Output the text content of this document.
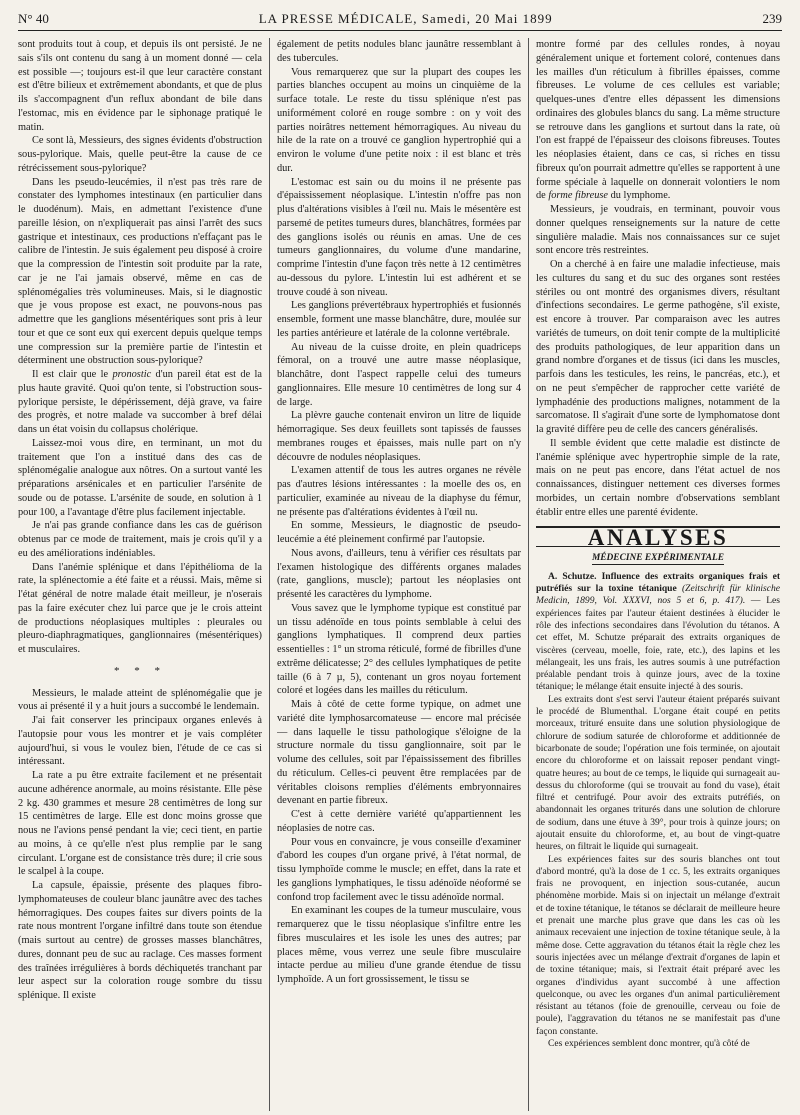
N° 40	LA PRESSE MÉDICALE, Samedi, 20 Mai 1899	239

sont produits tout à coup, et depuis ils ont persisté. Je ne sais s'ils ont contenu du sang à un moment donné — cela est possible —; toujours est-il que leur caractère constant est d'être bilieux et extrêmement abondants, et que de plus ils s'accompagnent d'un reflux abondant de bile dans l'estomac, mis en évidence par le siphonage pratiqué le matin.

Ce sont là, Messieurs, des signes évidents d'obstruction sous-pylorique. Mais, quelle peut-être la cause de ce rétrécissement sous-pylorique?

Dans les pseudo-leucémies, il n'est pas très rare de constater des lymphomes intestinaux (en particulier dans le duodénum). Mais, en admettant l'existence d'une pareille lésion, on n'expliquerait pas ainsi l'arrêt des sucs gastrique et intestinaux, ces productions n'effaçant pas le calibre de l'intestin. Je suis également peu disposé à croire que la compression de l'intestin soit produite par la rate, car je ne l'ai jamais observé, même en cas de splénomégalies très volumineuses. Mais, si le diagnostic que je vous propose est exact, ne pouvons-nous pas admettre que les ganglions mésentériques sont pris à leur tour et que ce sont eux qui exercent depuis quelque temps une compression sur la première partie de l'intestin et déterminent une obstruction sous-pylorique?

Il est clair que le pronostic d'un pareil état est de la plus haute gravité. Quoi qu'on tente, si l'obstruction sous-pylorique persiste, le dépérissement, déjà grave, va faire des progrès, et notre malade va succomber à bref délai dans un état voisin du collapsus cholérique.

Laissez-moi vous dire, en terminant, un mot du traitement que l'on a institué dans des cas de splénomégalie analogue aux nôtres. On a surtout vanté les préparations arsénicales et en particulier l'arsénite de soude ou de potasse. L'arsénite de soude, en solution à 1 pour 100, a l'avantage d'être plus facilement injectable.

Je n'ai pas grande confiance dans les cas de guérison obtenus par ce mode de traitement, mais je crois qu'il y a eu des améliorations indéniables.

Dans l'anémie splénique et dans l'épithélioma de la rate, la splénectomie a été faite et a réussi. Mais, même si l'état général de notre malade était meilleur, je n'oserais pas la faire exécuter chez lui parce que je le crois atteint de productions néoplasiques multiples : pleurales ou pleuro-diaphragmatiques, ganglionnaires (mésentériques) et musculaires.

* * *

Messieurs, le malade atteint de splénomégalie que je vous ai présenté il y a huit jours a succombé le lendemain.

J'ai fait conserver les principaux organes enlevés à l'autopsie pour vous les montrer et je vais compléter aujourd'hui, si vous le voulez bien, l'étude de ce cas si intéressant.

La rate a pu être extraite facilement et ne présentait aucune adhérence anormale, au moins résistante. Elle pèse 2 kg. 430 grammes et mesure 28 centimètres de long sur 15 centimètres de large. Elle est donc moins grosse que nous ne l'avions pensé pendant la vie; ceci tient, en partie au moins, à ce qu'elle n'est plus remplie par le sang circulant. L'organe est de consistance très dure; il crie sous le scalpel à la coupe.

La capsule, épaissie, présente des plaques fibro-lymphomateuses de couleur blanc jaunâtre avec des taches hémorragiques. Des coupes faites sur divers points de la rate nous montrent l'organe infiltré dans toute son étendue (mais surtout au centre) de grosses masses blanchâtres, dures, donnant peu de suc au raclage. Ces masses forment des traînées irrégulières à bords déchiquetés tranchant par leur aspect sur la coloration rouge sombre du tissu splénique. Il existe

également de petits nodules blanc jaunâtre ressemblant à des tubercules.

Vous remarquerez que sur la plupart des coupes les parties blanches occupent au moins un cinquième de la surface totale. Le reste du tissu splénique n'est pas uniformément coloré en rouge sombre : on y voit des parties noirâtres nettement hémorragiques. Au niveau du hile de la rate on a trouvé ce ganglion hypertrophié qui a environ le volume d'une petite noix : il est blanc et très dur.

L'estomac est sain ou du moins il ne présente pas d'épaississement néoplasique. L'intestin n'offre pas non plus d'altérations visibles à l'œil nu. Mais le mésentère est parsemé de petites tumeurs dures, blanchâtres, formées par des ganglions isolés ou réunis en amas. Une de ces tumeurs ganglionnaires, du volume d'une mandarine, comprime l'intestin d'une façon très nette à 12 centimètres au-dessous du pylore. L'intestin lui est adhérent et se trouve coudé à son niveau.

Les ganglions prévertébraux hypertrophiés et fusionnés ensemble, forment une masse blanchâtre, dure, moulée sur les parties antérieure et latérale de la colonne vertébrale.

Au niveau de la cuisse droite, en plein quadriceps fémoral, on a trouvé une autre masse néoplasique, blanchâtre, dont l'aspect rappelle celui des tumeurs ganglionnaires. Elle mesure 10 centimètres de long sur 4 de large.

La plèvre gauche contenait environ un litre de liquide hémorragique. Ses deux feuillets sont tapissés de fausses membranes rouges et épaisses, mais nulle part on n'y découvre de nodules néoplasiques.

L'examen attentif de tous les autres organes ne révèle pas d'autres lésions intéressantes : la moelle des os, en particulier, examinée au niveau de la diaphyse du fémur, ne présente pas d'altérations évidentes à l'œil nu.

En somme, Messieurs, le diagnostic de pseudo-leucémie a été pleinement confirmé par l'autopsie.

Nous avons, d'ailleurs, tenu à vérifier ces résultats par l'examen histologique des différents organes malades (rate, ganglions, muscle); partout les néoplasies ont présenté les caractères du lymphome.

Vous savez que le lymphome typique est constitué par un tissu adénoïde en tous points semblable à celui des ganglions lymphatiques. Il comprend deux parties essentielles : 1° un stroma réticulé, formé de fibrilles d'une extrême délicatesse; 2° des cellules lymphatiques de petite taille (6 à 7 µ, 5), contenant un gros noyau fortement coloré et logées dans les mailles du réticulum.

Mais à côté de cette forme typique, on admet une variété dite lymphosarcomateuse — encore mal précisée — dans laquelle le tissu pathologique s'éloigne de la structure normale du tissu ganglionnaire, soit par le volume des cellules, soit par l'épaississement des fibrilles du réticulum. Celles-ci peuvent être remplacées par de véritables cloisons remplies d'éléments embryonnaires devenant en partie fibreux.

C'est à cette dernière variété qu'appartiennent les néoplasies de notre cas.

Pour vous en convaincre, je vous conseille d'examiner d'abord les coupes d'un organe privé, à l'état normal, de tissu lymphoïde comme le muscle; en effet, dans la rate et les ganglions lymphatiques, le tissu adénoïde néoformé se confond trop facilement avec le tissu adénoïde normal.

En examinant les coupes de la tumeur musculaire, vous remarquerez que le tissu néoplasique s'infiltre entre les fibres musculaires et les isole les unes des autres; par places même, vous verrez une seule fibre musculaire intacte perdue au milieu d'une grande étendue de tissu lymphoïde. A un fort grossissement, le tissu se

montre formé par des cellules rondes, à noyau généralement unique et fortement coloré, contenues dans les mailles d'un réticulum à fibrilles épaisses, comme fibreuses. Le volume de ces cellules est variable; quelques-unes d'entre elles dépassent les dimensions ordinaires des globules blancs du sang. La même structure se retrouve dans les ganglions et surtout dans la rate, où l'on est frappé de l'épaisseur des cloisons fibreuses. Toutes les néoplasies étaient, dans ce cas, si riches en tissu fibreux qu'on pourrait admettre qu'elles se rapportent à une forme spéciale à laquelle on donnerait volontiers le nom de forme fibreuse du lymphome.

Messieurs, je voudrais, en terminant, pouvoir vous donner quelques renseignements sur la nature de cette singulière maladie. Mais nos connaissances sur ce sujet sont encore très restreintes.

On a cherché à en faire une maladie infectieuse, mais les cultures du sang et du suc des organes sont restées stériles ou ont montré des organismes divers, résultant d'infections secondaires. Le germe pathogène, s'il existe, est encore à trouver. Par comparaison avec les autres variétés de tumeurs, on doit tenir compte de la multiplicité des produits pathologiques, de leur apparition dans un grand nombre d'organes et de tissus (ici dans les muscles, parfois dans les testicules, les reins, le pancréas, etc.), et on ne peut s'empêcher de rapprocher cette variété de lymphadénie des productions malignes, notamment de la sarcomatose. Il s'agirait d'une sorte de lymphomatose dont la gravité diffère peu de celle des cancers généralisés.

Il semble évident que cette maladie est distincte de l'anémie splénique avec hypertrophie simple de la rate, mais on ne peut pas encore, dans l'état actuel de nos connaissances, distinguer nettement ces diverses formes morbides, un certain nombre d'observations semblant établir entre elles une parenté évidente.

ANALYSES
MÉDECINE EXPÉRIMENTALE

A. Schutze. Influence des extraits organiques frais et putréfiés sur la toxine tétanique (Zeitschrift für klinische Medicin, 1899, Vol. XXXVI, nos 5 et 6, p. 417). — Les expériences faites par l'auteur étaient destinées à élucider le rôle des infections secondaires dans l'évolution du tétanos. A cet effet, M. Schutze préparait des extraits organiques de viscères (cerveau, moelle, foie, rate, etc.), des lapins et les mélangeait, les uns frais, les autres soumis à une putréfaction préalable pendant trois à quinze jours, avec de la toxine tétanique; le mélange était ensuite injecté à des souris.

Les extraits dont s'est servi l'auteur étaient préparés suivant le procédé de Blumenthal. L'organe était coupé en petits morceaux, trituré ensuite dans une solution physiologique de chlorure de sodium saturée de chloroforme et additionnée de bicarbonate de soude; l'opération une fois terminée, on ajoutait encore du chloroforme et on laissait reposer pendant vingt-quatre heures; au bout de ce temps, le liquide qui surnageait au-dessus du chloroforme (qui se trouvait au fond du vase), était filtré et centrifugé. Pour avoir des extraits putréfiés, on abandonnait les organes triturés dans une solution de chlorure de sodium, dans une étuve à 39°, pour trois à quinze jours; on ajoutait ensuite du chloroforme, et, au bout de vingt-quatre heures, on filtrait le liquide qui surnageait.

Les expériences faites sur des souris blanches ont tout d'abord montré, qu'à la dose de 1 cc. 5, les extraits organiques frais ne provoquent, en injection sous-cutanée, aucun phénomène morbide. Mais si on injectait un mélange d'extrait et de toxine tétanique, le tétanos se déclarait de meilleure heure et prenait une marche plus grave que dans les cas où les animaux recevaient une injection de toxine tétanique seule, à la même dose. Cette aggravation du tétanos était la règle chez les souris injectées avec un mélange d'extrait d'organes de lapin et de toxine tétanique; mais, si l'extrait était préparé avec les organes d'individus ayant succombé à une affection quelconque, ou avec les organes d'un animal particulièrement résistant au tétanos (foie de grenouille, cerveau ou foie de poule), l'aggravation du tétanos ne se manifestait pas d'une façon constante.

Ces expériences semblent donc montrer, qu'à côté de
